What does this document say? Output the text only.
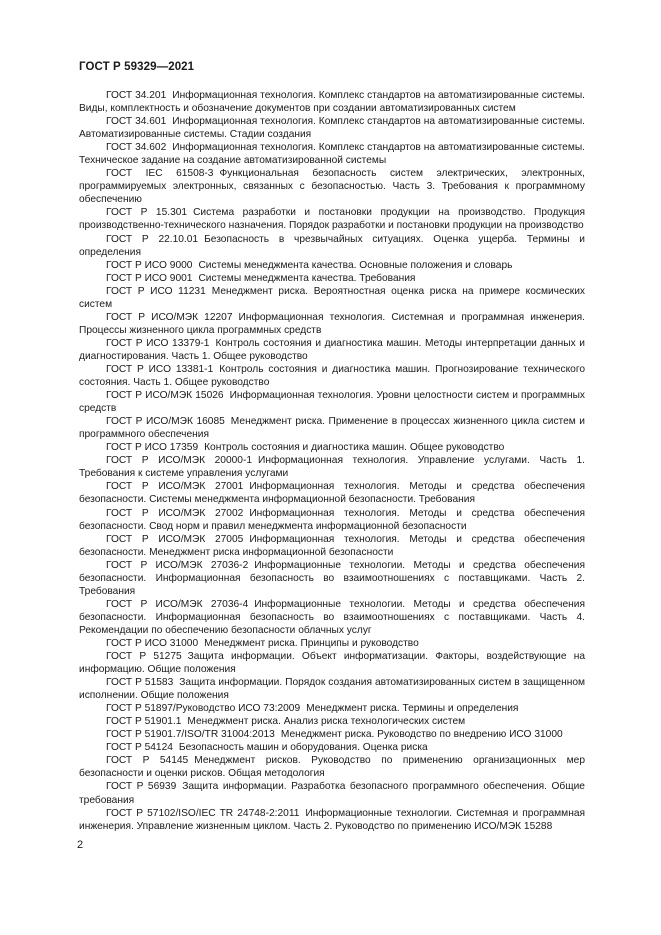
ГОСТ Р 59329—2021

ГОСТ 34.201 Информационная технология. Комплекс стандартов на автоматизированные системы. Виды, комплектность и обозначение документов при создании автоматизированных систем

ГОСТ 34.601 Информационная технология. Комплекс стандартов на автоматизированные системы. Автоматизированные системы. Стадии создания

ГОСТ 34.602 Информационная технология. Комплекс стандартов на автоматизированные системы. Техническое задание на создание автоматизированной системы

ГОСТ IEC 61508-3 Функциональная безопасность систем электрических, электронных, программируемых электронных, связанных с безопасностью. Часть 3. Требования к программному обеспечению

ГОСТ Р 15.301 Система разработки и постановки продукции на производство. Продукция производственно-технического назначения. Порядок разработки и постановки продукции на производство

ГОСТ Р 22.10.01 Безопасность в чрезвычайных ситуациях. Оценка ущерба. Термины и определения

ГОСТ Р ИСО 9000 Системы менеджмента качества. Основные положения и словарь

ГОСТ Р ИСО 9001 Системы менеджмента качества. Требования

ГОСТ Р ИСО 11231 Менеджмент риска. Вероятностная оценка риска на примере космических систем

ГОСТ Р ИСО/МЭК 12207 Информационная технология. Системная и программная инженерия. Процессы жизненного цикла программных средств

ГОСТ Р ИСО 13379-1 Контроль состояния и диагностика машин. Методы интерпретации данных и диагностирования. Часть 1. Общее руководство

ГОСТ Р ИСО 13381-1 Контроль состояния и диагностика машин. Прогнозирование технического состояния. Часть 1. Общее руководство

ГОСТ Р ИСО/МЭК 15026 Информационная технология. Уровни целостности систем и программных средств

ГОСТ Р ИСО/МЭК 16085 Менеджмент риска. Применение в процессах жизненного цикла систем и программного обеспечения

ГОСТ Р ИСО 17359 Контроль состояния и диагностика машин. Общее руководство

ГОСТ Р ИСО/МЭК 20000-1 Информационная технология. Управление услугами. Часть 1. Требования к системе управления услугами

ГОСТ Р ИСО/МЭК 27001 Информационная технология. Методы и средства обеспечения безопасности. Системы менеджмента информационной безопасности. Требования

ГОСТ Р ИСО/МЭК 27002 Информационная технология. Методы и средства обеспечения безопасности. Свод норм и правил менеджмента информационной безопасности

ГОСТ Р ИСО/МЭК 27005 Информационная технология. Методы и средства обеспечения безопасности. Менеджмент риска информационной безопасности

ГОСТ Р ИСО/МЭК 27036-2 Информационные технологии. Методы и средства обеспечения безопасности. Информационная безопасность во взаимоотношениях с поставщиками. Часть 2. Требования

ГОСТ Р ИСО/МЭК 27036-4 Информационные технологии. Методы и средства обеспечения безопасности. Информационная безопасность во взаимоотношениях с поставщиками. Часть 4. Рекомендации по обеспечению безопасности облачных услуг

ГОСТ Р ИСО 31000 Менеджмент риска. Принципы и руководство

ГОСТ Р 51275 Защита информации. Объект информатизации. Факторы, воздействующие на информацию. Общие положения

ГОСТ Р 51583 Защита информации. Порядок создания автоматизированных систем в защищенном исполнении. Общие положения

ГОСТ Р 51897/Руководство ИСО 73:2009 Менеджмент риска. Термины и определения

ГОСТ Р 51901.1 Менеджмент риска. Анализ риска технологических систем

ГОСТ Р 51901.7/ISO/TR 31004:2013 Менеджмент риска. Руководство по внедрению ИСО 31000

ГОСТ Р 54124 Безопасность машин и оборудования. Оценка риска

ГОСТ Р 54145 Менеджмент рисков. Руководство по применению организационных мер безопасности и оценки рисков. Общая методология

ГОСТ Р 56939 Защита информации. Разработка безопасного программного обеспечения. Общие требования

ГОСТ Р 57102/ISO/IEC TR 24748-2:2011 Информационные технологии. Системная и программная инженерия. Управление жизненным циклом. Часть 2. Руководство по применению ИСО/МЭК 15288

2
